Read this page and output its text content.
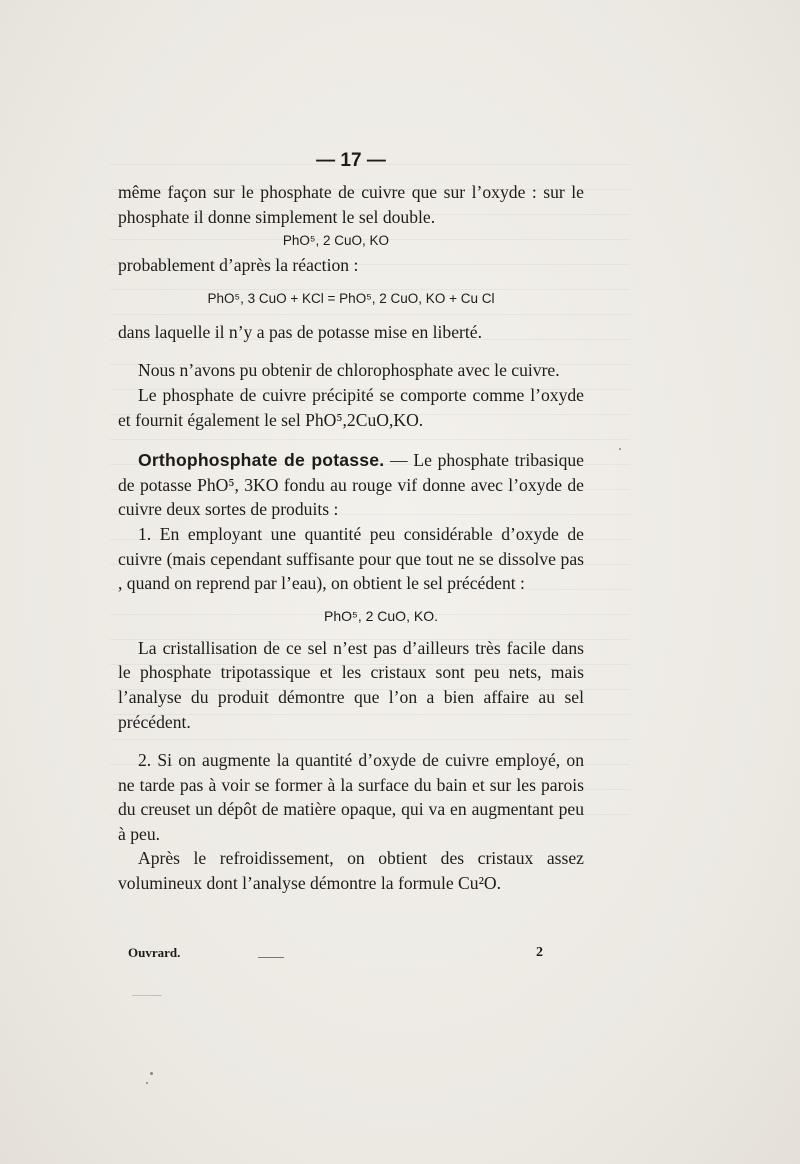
— 17 —

même façon sur le phosphate de cuivre que sur l’oxyde : sur le phosphate il donne simplement le sel double.

PhO⁵, 2 CuO, KO

probablement d’après la réaction :

PhO⁵, 3 CuO + KCl = PhO⁵, 2 CuO, KO + Cu Cl

dans laquelle il n’y a pas de potasse mise en liberté.

Nous n’avons pu obtenir de chlorophosphate avec le cuivre.

Le phosphate de cuivre précipité se comporte comme l’oxyde et fournit également le sel PhO⁵,2CuO,KO.

Orthophosphate de potasse. — Le phosphate tribasique de potasse PhO⁵, 3KO fondu au rouge vif donne avec l’oxyde de cuivre deux sortes de produits :

1. En employant une quantité peu considérable d’oxyde de cuivre (mais cependant suffisante pour que tout ne se dissolve pas , quand on reprend par l’eau), on obtient le sel précédent :

PhO⁵, 2 CuO, KO.

La cristallisation de ce sel n’est pas d’ailleurs très facile dans le phosphate tripotassique et les cristaux sont peu nets, mais l’analyse du produit démontre que l’on a bien affaire au sel précédent.

2. Si on augmente la quantité d’oxyde de cuivre employé, on ne tarde pas à voir se former à la surface du bain et sur les parois du creuset un dépôt de matière opaque, qui va en augmentant peu à peu.

Après le refroidissement, on obtient des cristaux assez volumineux dont l’analyse démontre la formule Cu²O.

Ouvrard.	2
